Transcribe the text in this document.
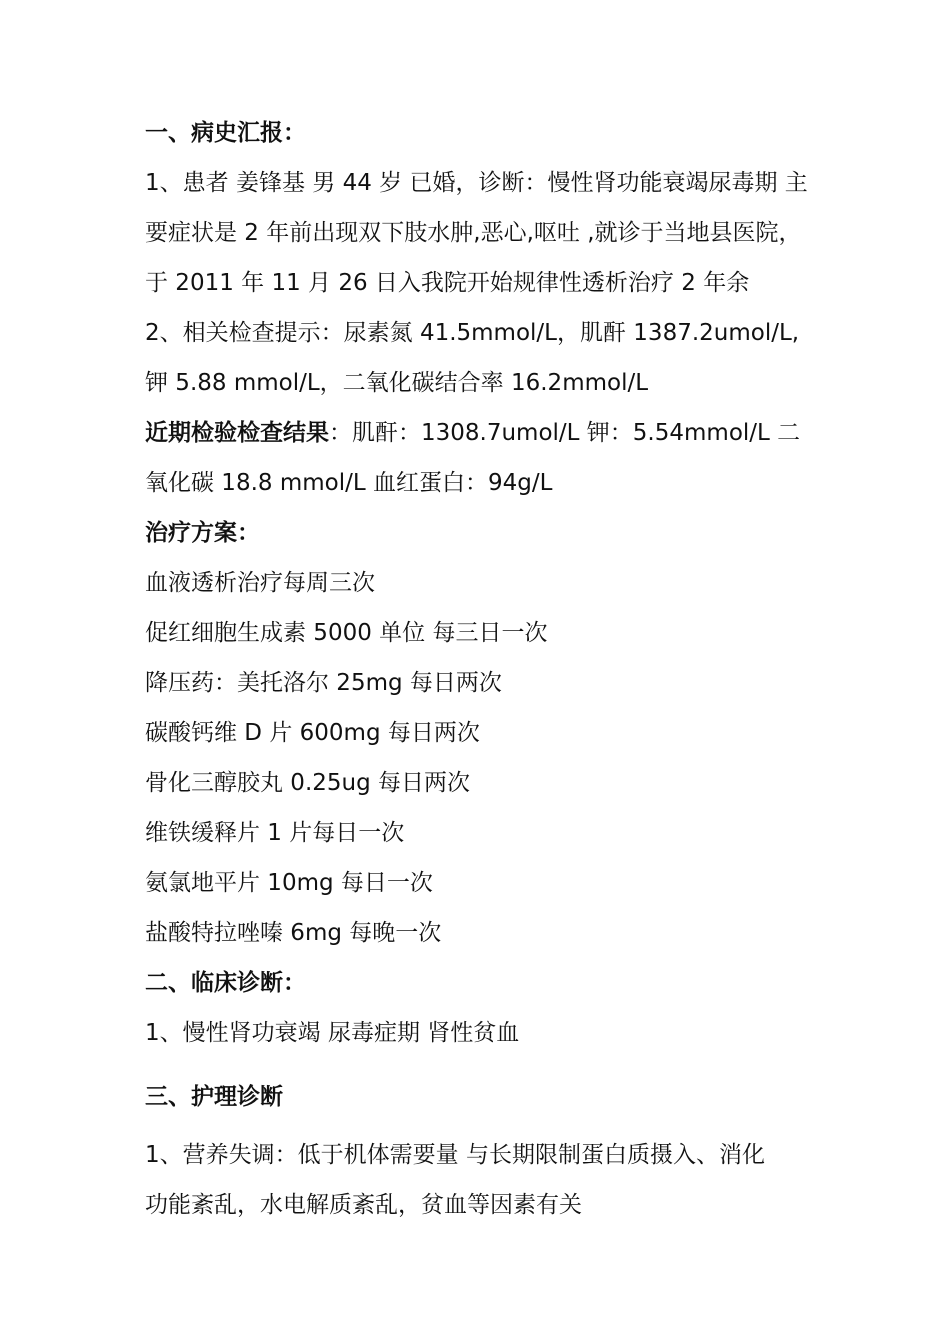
一、病史汇报：
1、患者 姜锋基 男 44 岁 已婚，诊断：慢性肾功能衰竭尿毒期 主
要症状是 2 年前出现双下肢水肿,恶心,呕吐 ,就诊于当地县医院，
于 2011 年 11 月 26 日入我院开始规律性透析治疗 2 年余
2、相关检查提示：尿素氮 41.5mmol/L，肌酐 1387.2umol/L,
钾 5.88 mmol/L，二氧化碳结合率 16.2mmol/L
近期检验检查结果：肌酐：1308.7umol/L 钾：5.54mmol/L 二
氧化碳 18.8 mmol/L 血红蛋白：94g/L
治疗方案：
血液透析治疗每周三次
促红细胞生成素 5000 单位 每三日一次
降压药：美托洛尔 25mg 每日两次
碳酸钙维 D 片 600mg 每日两次
骨化三醇胶丸 0.25ug 每日两次
维铁缓释片 1 片每日一次
氨氯地平片 10mg 每日一次
盐酸特拉唑嗪 6mg 每晚一次
二、临床诊断：
1、慢性肾功衰竭 尿毒症期 肾性贫血
三、护理诊断
1、营养失调：低于机体需要量 与长期限制蛋白质摄入、消化
功能紊乱，水电解质紊乱，贫血等因素有关
